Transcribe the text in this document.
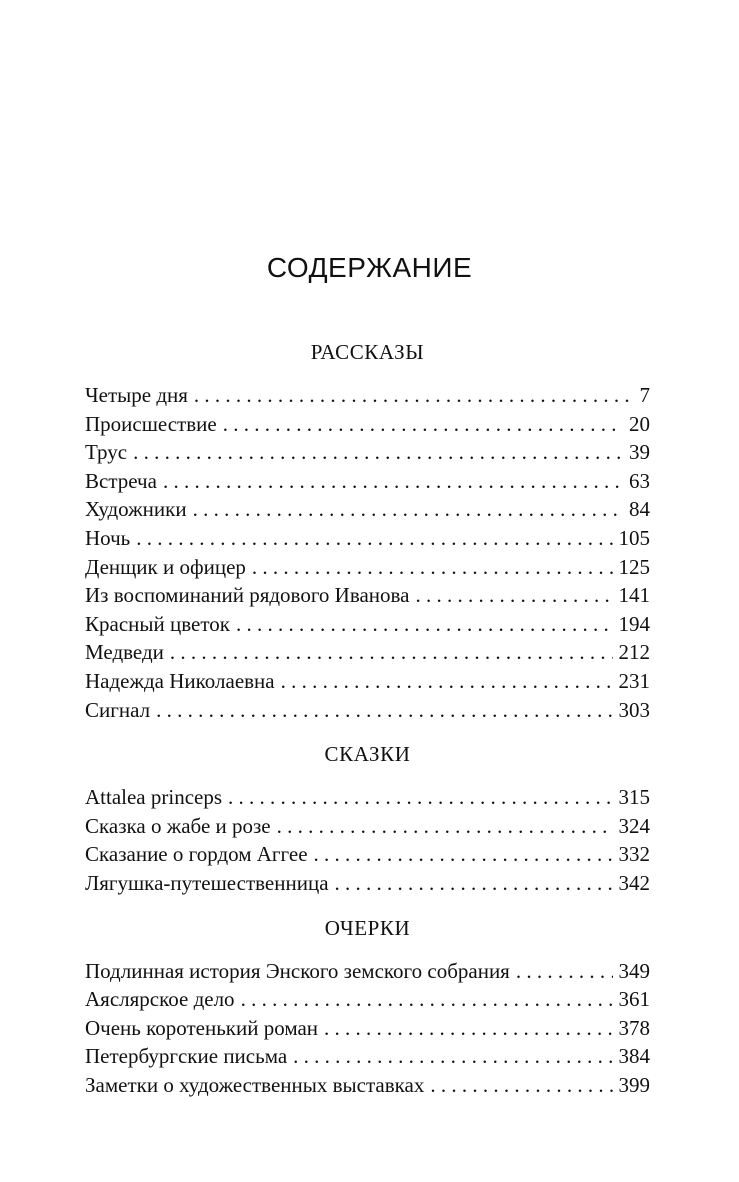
СОДЕРЖАНИЕ
РАССКАЗЫ
Четыре дня . . .	7
Происшествие . . .	20
Трус . . .	39
Встреча . . .	63
Художники . . .	84
Ночь . . .	105
Денщик и офицер . . .	125
Из воспоминаний рядового Иванова . . .	141
Красный цветок . . .	194
Медведи . . .	212
Надежда Николаевна . . .	231
Сигнал . . .	303
СКАЗКИ
Attalea princeps . . .	315
Сказка о жабе и розе . . .	324
Сказание о гордом Аггее . . .	332
Лягушка-путешественница . . .	342
ОЧЕРКИ
Подлинная история Энского земского собрания . . .	349
Аяслярское дело . . .	361
Очень коротенький роман . . .	378
Петербургские письма . . .	384
Заметки о художественных выставках . . .	399
